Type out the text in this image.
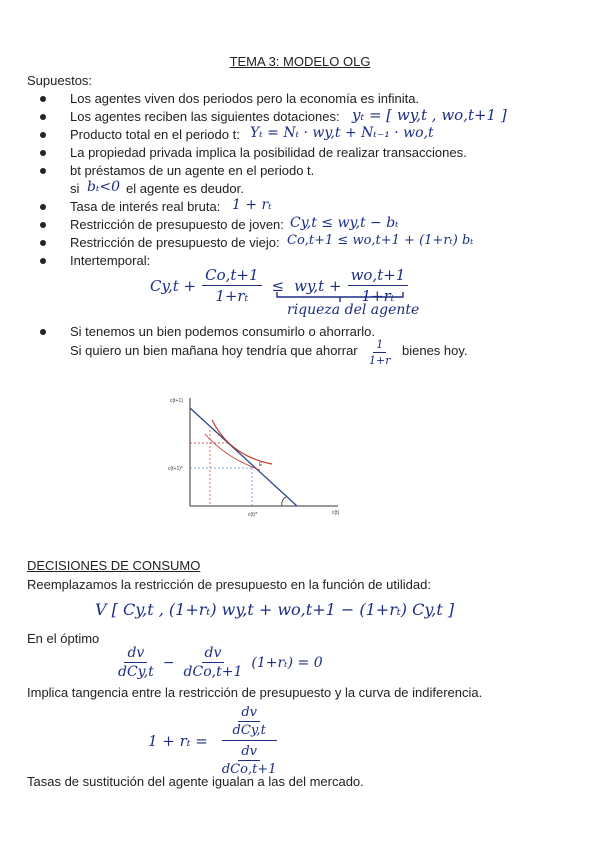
TEMA 3: MODELO OLG
Supuestos:
Los agentes viven dos periodos pero la economía es infinita.
Los agentes reciben las siguientes dotaciones: yₜ = [ wy,t , wo,t+1 ]
Producto total en el periodo t: Yₜ = Nₜ · wy,t + Nₜ₋₁ · wo,t
La propiedad privada implica la posibilidad de realizar transacciones.
bt préstamos de un agente en el periodo t.
si bₜ<0 el agente es deudor.
Tasa de interés real bruta: 1 + rₜ
Restricción de presupuesto de joven: Cy,t ≤ wy,t − bₜ
Restricción de presupuesto de viejo: Co,t+1 ≤ wo,t+1 + (1+rₜ) bₜ
Intertemporal:
$Cy,t + \frac{Co,t+1}{\text{1+rₜ}} \le wy,t + \frac{wo,t+1}{\text{1+rₜ}}$
riqueza del agente
Si tenemos un bien podemos consumirlo o ahorrarlo.
Si quiero un bien mañana hoy tendría que ahorrar $\frac{1}{1+r}$ bienes hoy.
c(t+1)
c(t+1)*
c(t)
c(t)*
E
DECISIONES DE CONSUMO
Reemplazamos la restricción de presupuesto en la función de utilidad:
V [ Cy,t , (1+rₜ) wy,t + wo,t+1 − (1+rₜ) Cy,t ]
En el óptimo
$\frac{dv}{\text{dCy,t}} - \frac{dv}{\text{dCo,t+1}} (1+r_t) = 0$
Implica tangencia entre la restricción de presupuesto y la curva de indiferencia.
$1 + r_t = \frac{\frac{dv}{\text{dCy,t}}}{\frac{dv}{\text{dCo,t+1}}}$
Tasas de sustitución del agente igualan a las del mercado.
